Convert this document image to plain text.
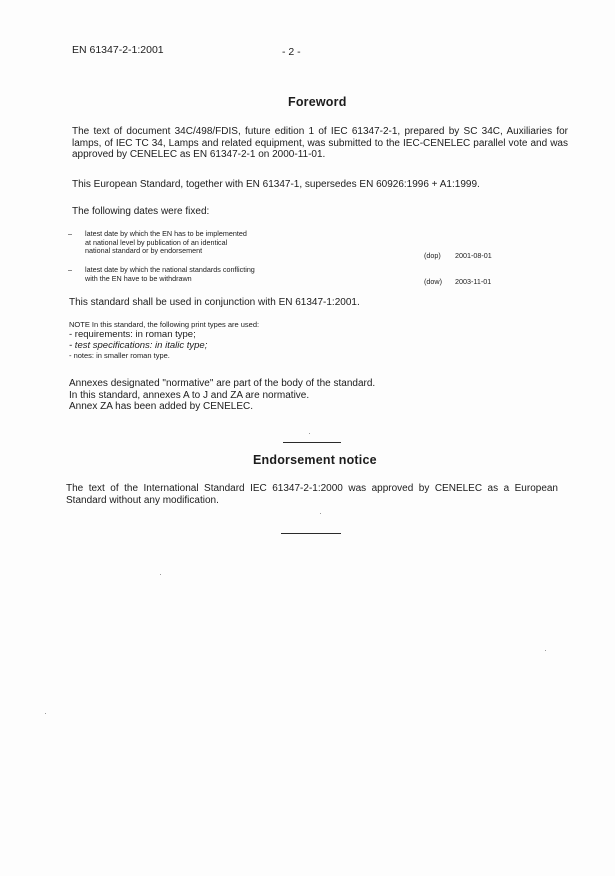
EN 61347-2-1:2001	- 2 -
Foreword

The text of document 34C/498/FDIS, future edition 1 of IEC 61347-2-1, prepared by SC 34C, Auxiliaries for lamps, of IEC TC 34, Lamps and related equipment, was submitted to the IEC-CENELEC parallel vote and was approved by CENELEC as EN 61347-2-1 on 2000-11-01.

This European Standard, together with EN 61347-1, supersedes EN 60926:1996 + A1:1999.

The following dates were fixed:

– latest date by which the EN has to be implemented
at national level by publication of an identical
national standard or by endorsement
(dop) 2001-08-01
– latest date by which the national standards conflicting
with the EN have to be withdrawn	(dow) 2003-11-01

This standard shall be used in conjunction with EN 61347-1:2001.

NOTE In this standard, the following print types are used:
- requirements: in roman type;
- test specifications: in italic type;
- notes: in smaller roman type.
Annexes designated "normative" are part of the body of the standard.
In this standard, annexes A to J and ZA are normative.
Annex ZA has been added by CENELEC.
Endorsement notice

The text of the International Standard IEC 61347-2-1:2000 was approved by CENELEC as a European Standard without any modification.
